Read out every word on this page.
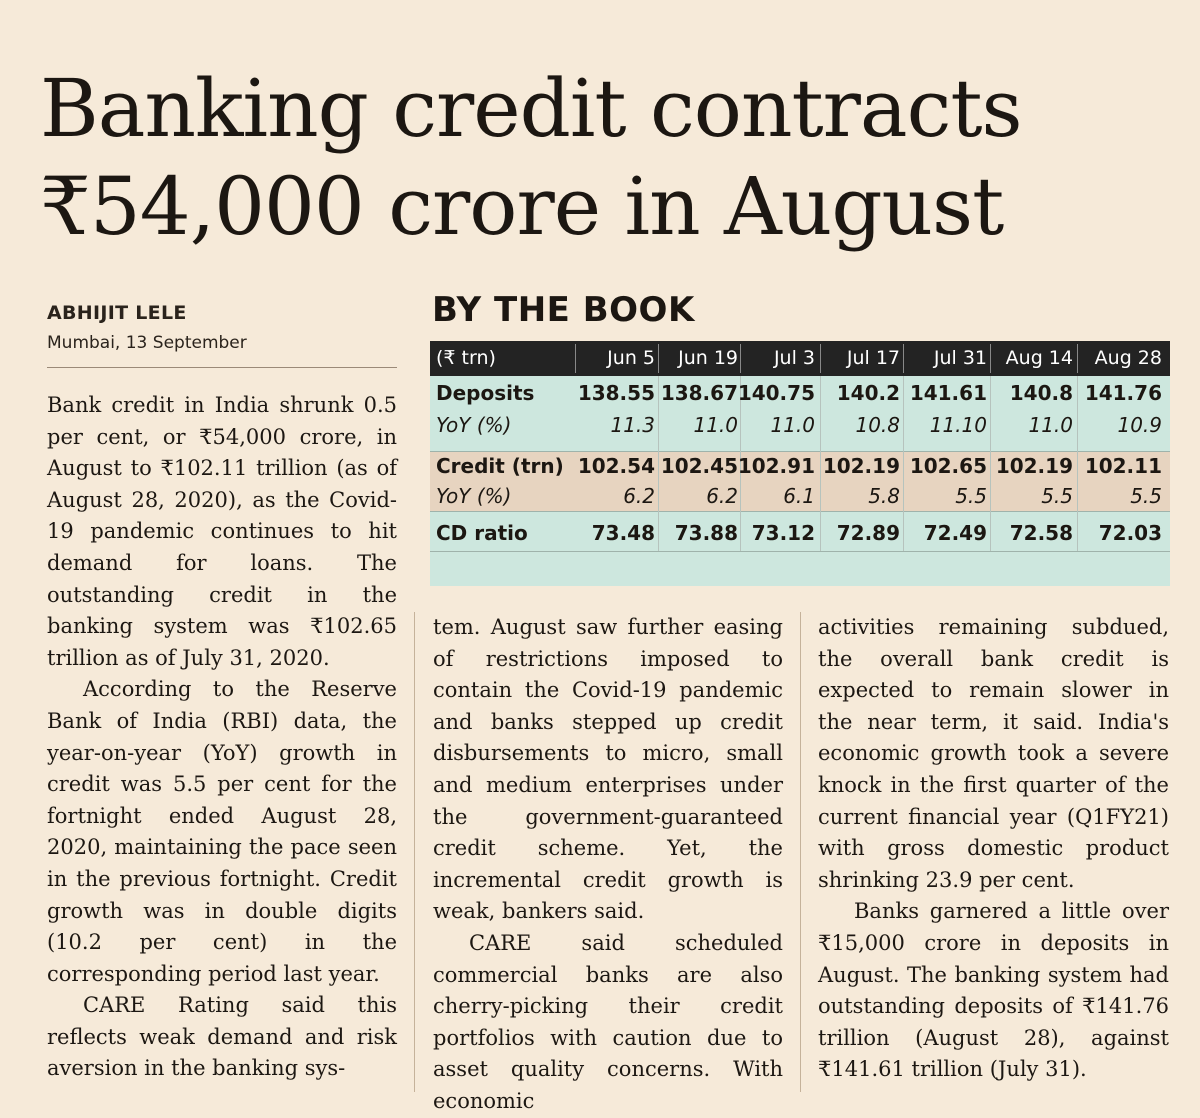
Banking credit contracts
₹54,000 crore in August
ABHIJIT LELE
Mumbai, 13 September

Bank credit in India shrunk 0.5 per cent, or ₹54,000 crore, in August to ₹102.11 trillion (as of August 28, 2020), as the Covid-19 pandemic continues to hit demand for loans. The outstanding credit in the banking system was ₹102.65 trillion as of July 31, 2020.

According to the Reserve Bank of India (RBI) data, the year-on-year (YoY) growth in credit was 5.5 per cent for the fortnight ended August 28, 2020, maintaining the pace seen in the previous fortnight. Credit growth was in double digits (10.2 per cent) in the corresponding period last year.

CARE Rating said this reflects weak demand and risk aversion in the banking sys-

tem. August saw further easing of restrictions imposed to contain the Covid-19 pandemic and banks stepped up credit disbursements to micro, small and medium enterprises under the government-guaranteed credit scheme. Yet, the incremental credit growth is weak, bankers said.

CARE said scheduled commercial banks are also cherry-picking their credit portfolios with caution due to asset quality concerns. With economic

activities remaining subdued, the overall bank credit is expected to remain slower in the near term, it said. India's economic growth took a severe knock in the first quarter of the current financial year (Q1FY21) with gross domestic product shrinking 23.9 per cent.

Banks garnered a little over ₹15,000 crore in deposits in August. The banking system had outstanding deposits of ₹141.76 trillion (August 28), against ₹141.61 trillion (July 31).

BY THE BOOK
(₹ trn)	Jun 5 Jun 19 Jul 3 Jul 17 Jul 31 Aug 14 Aug 28
Deposits 138.55 138.67 140.75 140.2 141.61 140.8 141.76
YoY (%)	11.3 11.0 11.0 10.8 11.10 11.0 10.9
Credit (trn) 102.54 102.45 102.91 102.19 102.65 102.19 102.11
YoY (%)	6.2	6.2 6.1	5.8	5.5	5.5	5.5
CD ratio	73.48 73.88 73.12 72.89 72.49 72.58 72.03
